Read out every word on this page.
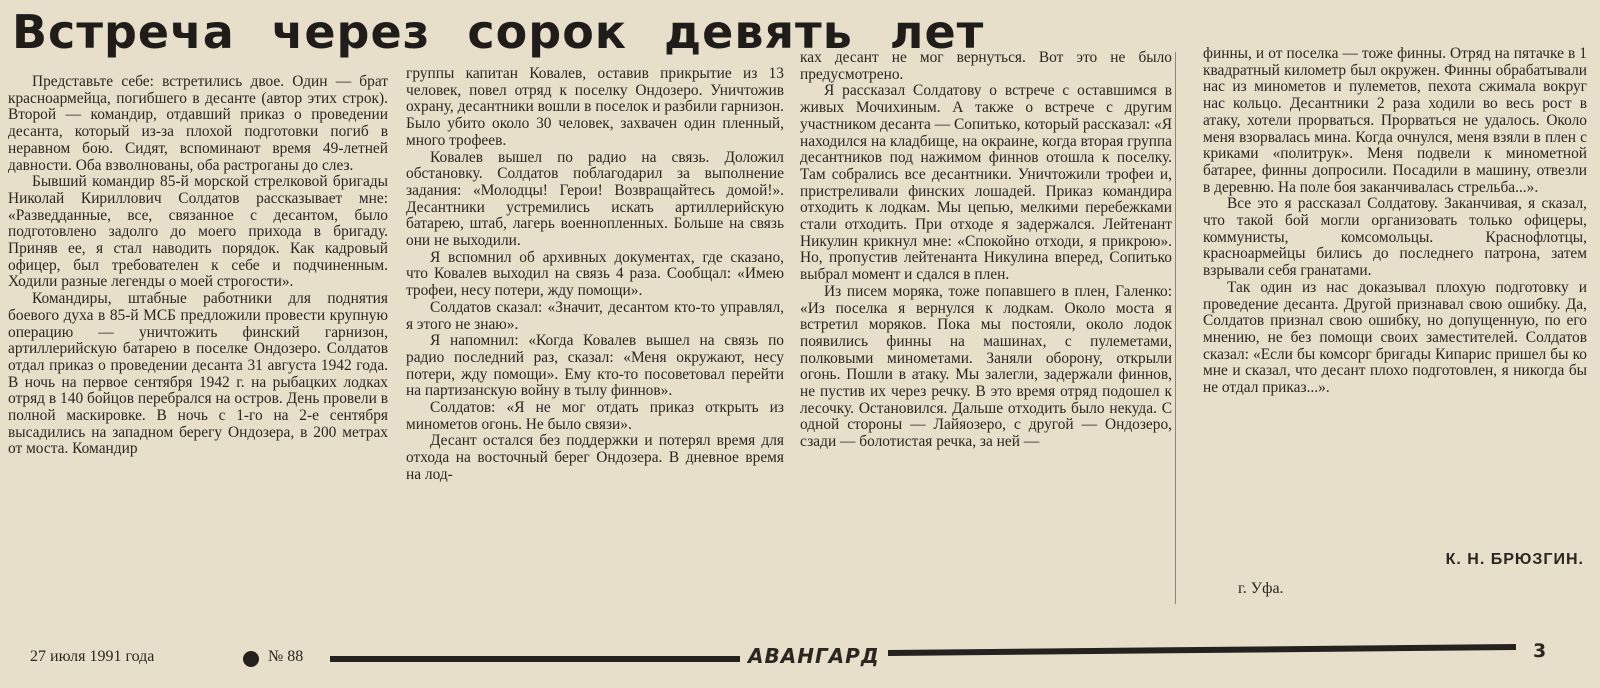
Встреча через сорок девять лет

Представьте себе: встретились двое. Один — брат красноармейца, погибшего в десанте (автор этих строк). Второй — командир, отдавший приказ о проведении десанта, который из-за плохой подготовки погиб в неравном бою. Сидят, вспоминают время 49-летней давности. Оба взволнованы, оба растроганы до слез.

Бывший командир 85-й морской стрелковой бригады Николай Кириллович Солдатов рассказывает мне: «Разведданные, все, связанное с десантом, было подготовлено задолго до моего прихода в бригаду. Приняв ее, я стал наводить порядок. Как кадровый офицер, был требователен к себе и подчиненным. Ходили разные легенды о моей строгости».

Командиры, штабные работники для поднятия боевого духа в 85-й МСБ предложили провести крупную операцию — уничтожить финский гарнизон, артиллерийскую батарею в поселке Ондозеро. Солдатов отдал приказ о проведении десанта 31 августа 1942 года. В ночь на первое сентября 1942 г. на рыбацких лодках отряд в 140 бойцов перебрался на остров. День провели в полной маскировке. В ночь с 1-го на 2-е сентября высадились на западном берегу Ондозера, в 200 метрах от моста. Командир

группы капитан Ковалев, оставив прикрытие из 13 человек, повел отряд к поселку Ондозеро. Уничтожив охрану, десантники вошли в поселок и разбили гарнизон. Было убито около 30 человек, захвачен один пленный, много трофеев.

Ковалев вышел по радио на связь. Доложил обстановку. Солдатов поблагодарил за выполнение задания: «Молодцы! Герои! Возвращайтесь домой!». Десантники устремились искать артиллерийскую батарею, штаб, лагерь военнопленных. Больше на связь они не выходили.

Я вспомнил об архивных документах, где сказано, что Ковалев выходил на связь 4 раза. Сообщал: «Имею трофеи, несу потери, жду помощи».

Солдатов сказал: «Значит, десантом кто-то управлял, я этого не знаю».

Я напомнил: «Когда Ковалев вышел на связь по радио последний раз, сказал: «Меня окружают, несу потери, жду помощи». Ему кто-то посоветовал перейти на партизанскую войну в тылу финнов».

Солдатов: «Я не мог отдать приказ открыть из минометов огонь. Не было связи».

Десант остался без поддержки и потерял время для отхода на восточный берег Ондозера. В дневное время на лод-

ках десант не мог вернуться. Вот это не было предусмотрено.

Я рассказал Солдатову о встрече с оставшимся в живых Мочихиным. А также о встрече с другим участником десанта — Сопитько, который рассказал: «Я находился на кладбище, на окраине, когда вторая группа десантников под нажимом финнов отошла к поселку. Там собрались все десантники. Уничтожили трофеи и, пристреливали финских лошадей. Приказ командира отходить к лодкам. Мы цепью, мелкими перебежками стали отходить. При отходе я задержался. Лейтенант Никулин крикнул мне: «Спокойно отходи, я прикрою». Но, пропустив лейтенанта Никулина вперед, Сопитько выбрал момент и сдался в плен.

Из писем моряка, тоже попавшего в плен, Галенко: «Из поселка я вернулся к лодкам. Около моста я встретил моряков. Пока мы постояли, около лодок появились финны на машинах, с пулеметами, полковыми минометами. Заняли оборону, открыли огонь. Пошли в атаку. Мы залегли, задержали финнов, не пустив их через речку. В это время отряд подошел к лесочку. Остановился. Дальше отходить было некуда. С одной стороны — Лайяозеро, с другой — Ондозеро, сзади — болотистая речка, за ней —

финны, и от поселка — тоже финны. Отряд на пятачке в 1 квадратный километр был окружен. Финны обрабатывали нас из минометов и пулеметов, пехота сжимала вокруг нас кольцо. Десантники 2 раза ходили во весь рост в атаку, хотели прорваться. Прорваться не удалось. Около меня взорвалась мина. Когда очнулся, меня взяли в плен с криками «политрук». Меня подвели к минометной батарее, финны допросили. Посадили в машину, отвезли в деревню. На поле боя заканчивалась стрельба...».

Все это я рассказал Солдатову. Заканчивая, я сказал, что такой бой могли организовать только офицеры, коммунисты, комсомольцы. Краснофлотцы, красноармейцы бились до последнего патрона, затем взрывали себя гранатами.

Так один из нас доказывал плохую подготовку и проведение десанта. Другой признавал свою ошибку. Да, Солдатов признал свою ошибку, но допущенную, по его мнению, не без помощи своих заместителей. Солдатов сказал: «Если бы комсорг бригады Кипарис пришел бы ко мне и сказал, что десант плохо подготовлен, я никогда бы не отдал приказ...».

К. Н. БРЮЗГИН.
г. Уфа.
27 июля 1991 года	№ 88	АВАНГАРД	3
